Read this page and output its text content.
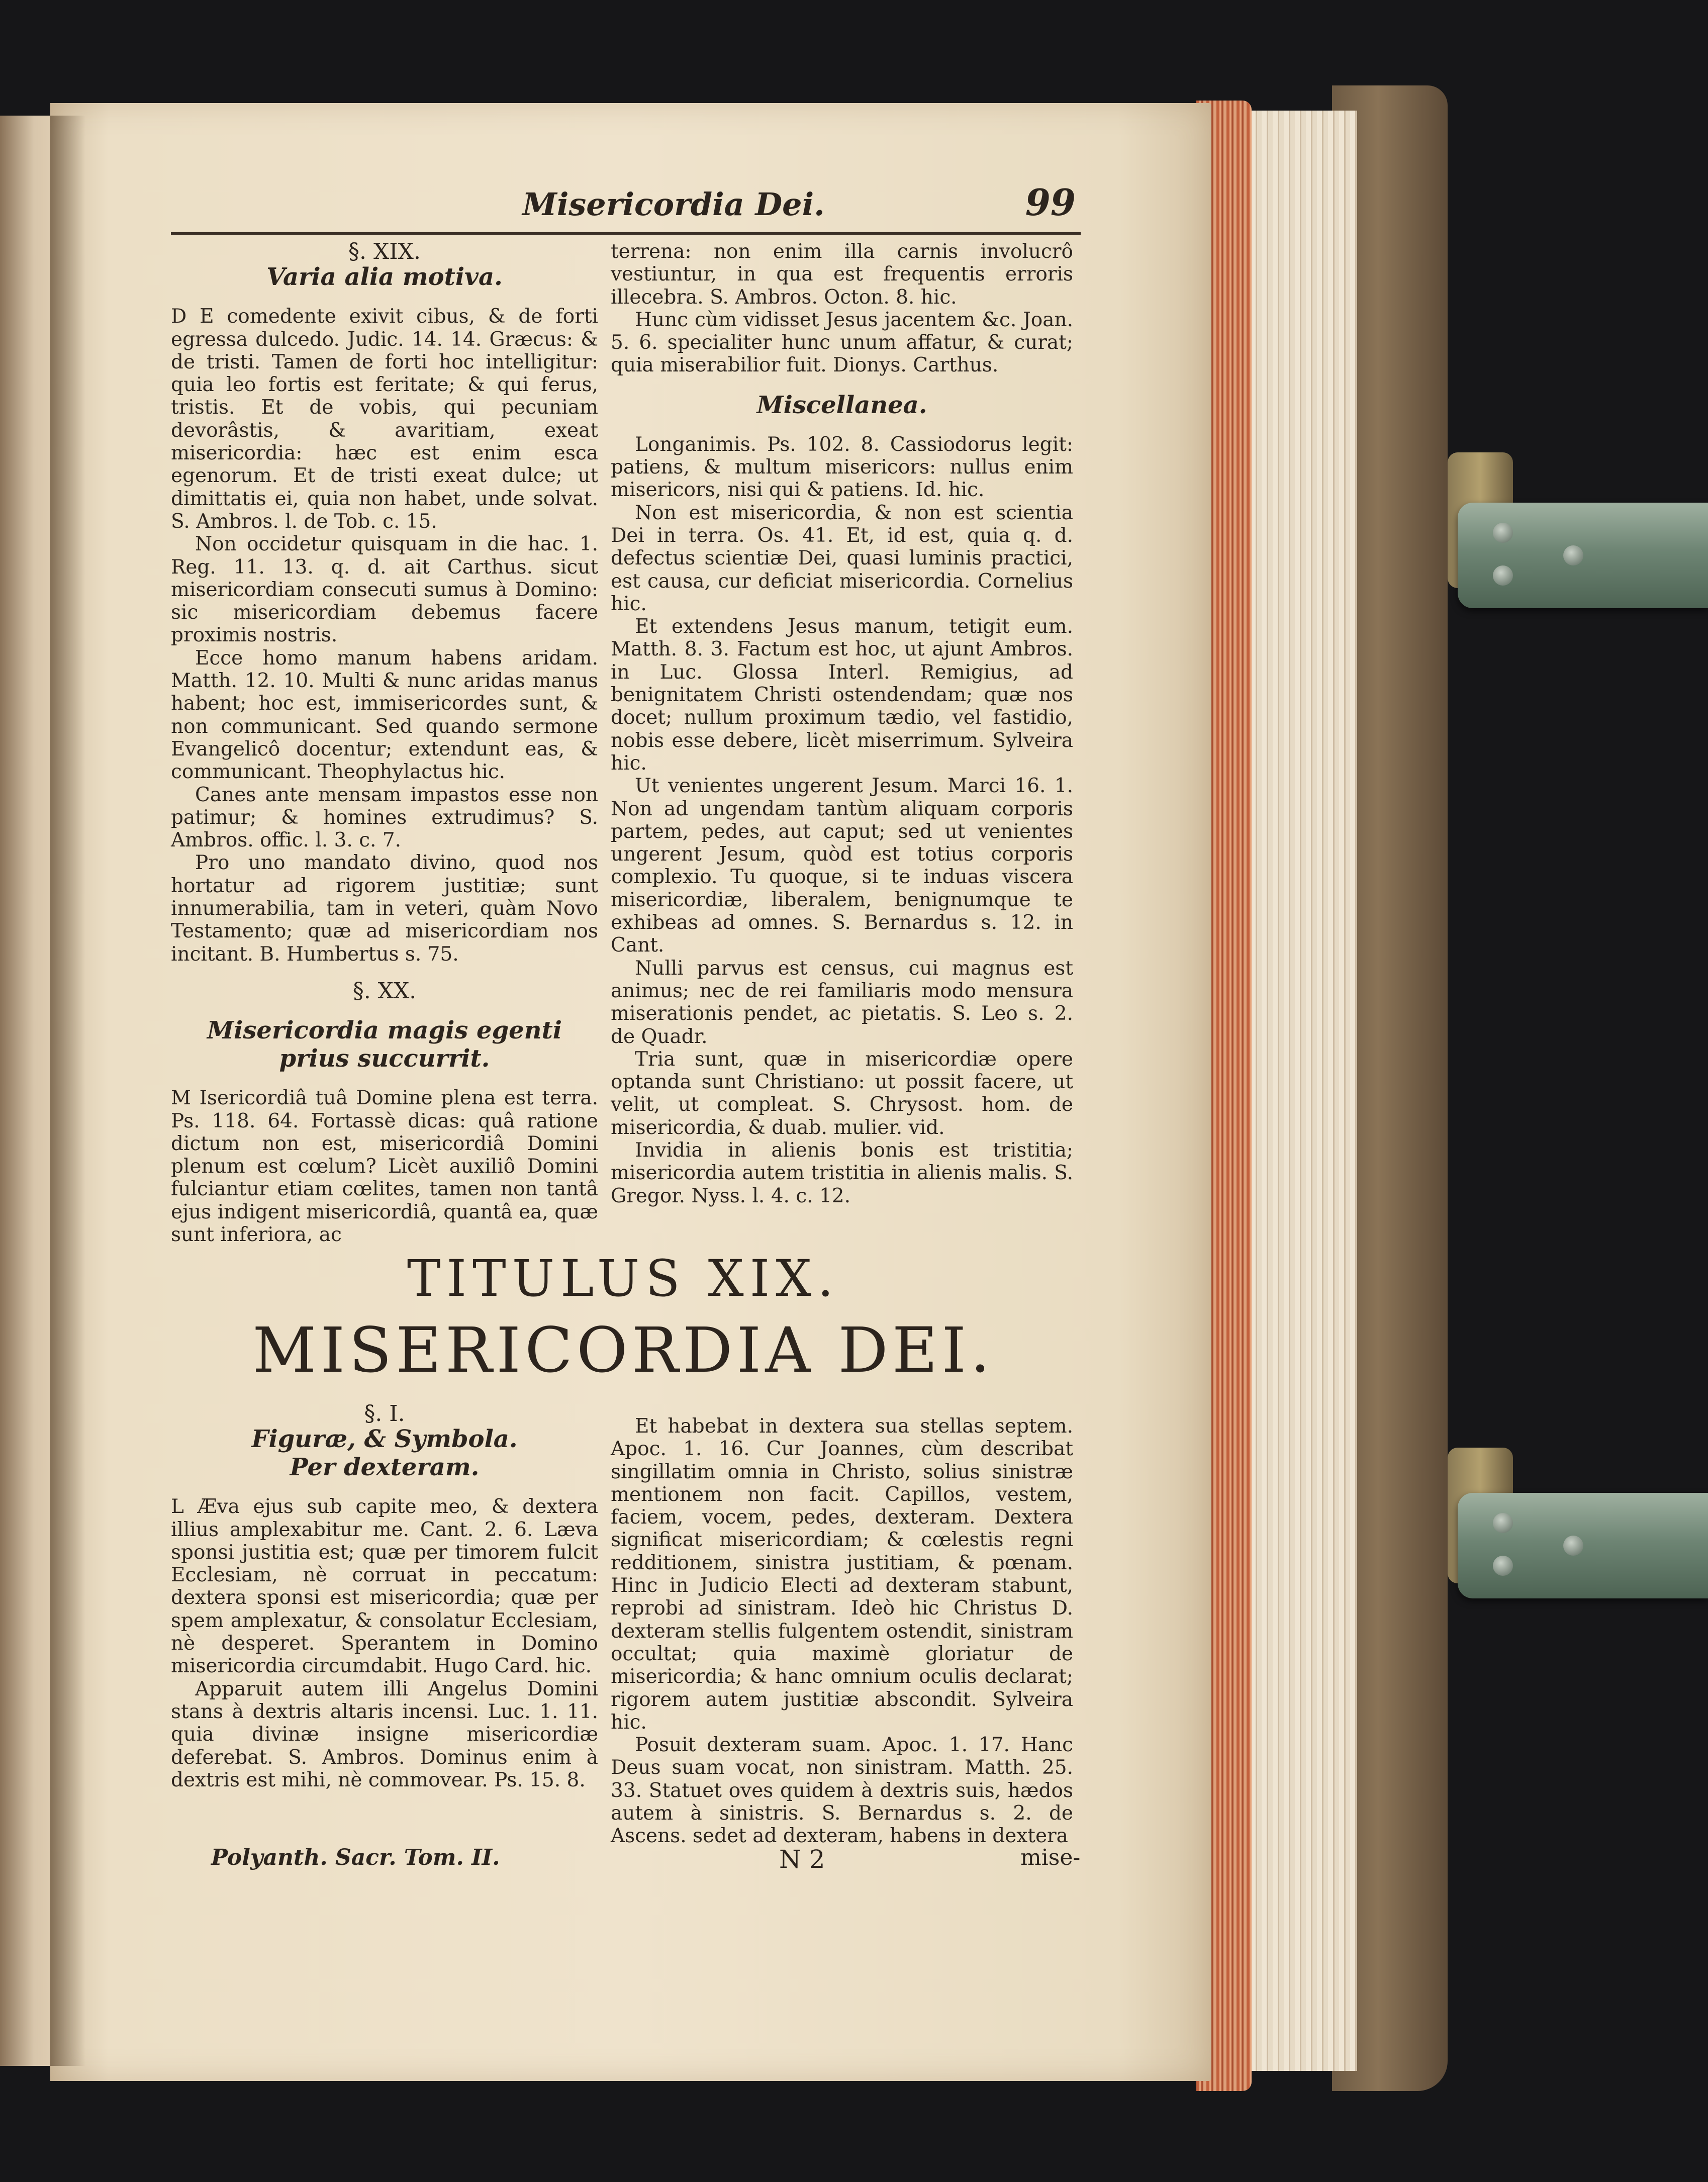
Misericordia Dei.	99
§. XIX.
Varia alia motiva.

D E comedente exivit cibus, & de forti egressa dulcedo. Judic. 14. 14. Græcus: & de tristi. Tamen de forti hoc intelligitur: quia leo fortis est feritate; & qui ferus, tristis. Et de vobis, qui pecuniam devorâstis, & avaritiam, exeat misericordia: hæc est enim esca egenorum. Et de tristi exeat dulce; ut dimittatis ei, quia non habet, unde solvat. S. Ambros. l. de Tob. c. 15.

Non occidetur quisquam in die hac. 1. Reg. 11. 13. q. d. ait Carthus. sicut misericordiam consecuti sumus à Domino: sic misericordiam debemus facere proximis nostris.

Ecce homo manum habens aridam. Matth. 12. 10. Multi & nunc aridas manus habent; hoc est, immisericordes sunt, & non communicant. Sed quando sermone Evangelicô docentur; extendunt eas, & communicant. Theophylactus hic.

Canes ante mensam impastos esse non patimur; & homines extrudimus? S. Ambros. offic. l. 3. c. 7.

Pro uno mandato divino, quod nos hortatur ad rigorem justitiæ; sunt innumerabilia, tam in veteri, quàm Novo Testamento; quæ ad misericordiam nos incitant. B. Humbertus s. 75.

§. XX.
Misericordia magis egenti prius succurrit.

M Isericordiâ tuâ Domine plena est terra. Ps. 118. 64. Fortassè dicas: quâ ratione dictum non est, misericordiâ Domini plenum est cœlum? Licèt auxiliô Domini fulciantur etiam cœlites, tamen non tantâ ejus indigent misericordiâ, quantâ ea, quæ sunt inferiora, ac

terrena: non enim illa carnis involucrô vestiuntur, in qua est frequentis erroris illecebra. S. Ambros. Octon. 8. hic.

Hunc cùm vidisset Jesus jacentem &c. Joan. 5. 6. specialiter hunc unum affatur, & curat; quia miserabilior fuit. Dionys. Carthus.

Miscellanea.

Longanimis. Ps. 102. 8. Cassiodorus legit: patiens, & multum misericors: nullus enim misericors, nisi qui & patiens. Id. hic.

Non est misericordia, & non est scientia Dei in terra. Os. 41. Et, id est, quia q. d. defectus scientiæ Dei, quasi luminis practici, est causa, cur deficiat misericordia. Cornelius hic.

Et extendens Jesus manum, tetigit eum. Matth. 8. 3. Factum est hoc, ut ajunt Ambros. in Luc. Glossa Interl. Remigius, ad benignitatem Christi ostendendam; quæ nos docet; nullum proximum tædio, vel fastidio, nobis esse debere, licèt miserrimum. Sylveira hic.

Ut venientes ungerent Jesum. Marci 16. 1. Non ad ungendam tantùm aliquam corporis partem, pedes, aut caput; sed ut venientes ungerent Jesum, quòd est totius corporis complexio. Tu quoque, si te induas viscera misericordiæ, liberalem, benignumque te exhibeas ad omnes. S. Bernardus s. 12. in Cant.

Nulli parvus est census, cui magnus est animus; nec de rei familiaris modo mensura miserationis pendet, ac pietatis. S. Leo s. 2. de Quadr.

Tria sunt, quæ in misericordiæ opere optanda sunt Christiano: ut possit facere, ut velit, ut compleat. S. Chrysost. hom. de misericordia, & duab. mulier. vid.

Invidia in alienis bonis est tristitia; misericordia autem tristitia in alienis malis. S. Gregor. Nyss. l. 4. c. 12.

TITULUS XIX.
MISERICORDIA DEI.
§. I.
Figuræ, & Symbola.
Per dexteram.

L Æva ejus sub capite meo, & dextera illius amplexabitur me. Cant. 2. 6. Læva sponsi justitia est; quæ per timorem fulcit Ecclesiam, nè corruat in peccatum: dextera sponsi est misericordia; quæ per spem amplexatur, & consolatur Ecclesiam, nè desperet. Sperantem in Domino misericordia circumdabit. Hugo Card. hic.

Apparuit autem illi Angelus Domini stans à dextris altaris incensi. Luc. 1. 11. quia divinæ insigne misericordiæ deferebat. S. Ambros. Dominus enim à dextris est mihi, nè commovear. Ps. 15. 8.

Et habebat in dextera sua stellas septem. Apoc. 1. 16. Cur Joannes, cùm describat singillatim omnia in Christo, solius sinistræ mentionem non facit. Capillos, vestem, faciem, vocem, pedes, dexteram. Dextera significat misericordiam; & cœlestis regni redditionem, sinistra justitiam, & pœnam. Hinc in Judicio Electi ad dexteram stabunt, reprobi ad sinistram. Ideò hic Christus D. dexteram stellis fulgentem ostendit, sinistram occultat; quia maximè gloriatur de misericordia; & hanc omnium oculis declarat; rigorem autem justitiæ abscondit. Sylveira hic.

Posuit dexteram suam. Apoc. 1. 17. Hanc Deus suam vocat, non sinistram. Matth. 25. 33. Statuet oves quidem à dextris suis, hædos autem à sinistris. S. Bernardus s. 2. de Ascens. sedet ad dexteram, habens in dextera

Polyanth. Sacr. Tom. II.	N 2	mise-
